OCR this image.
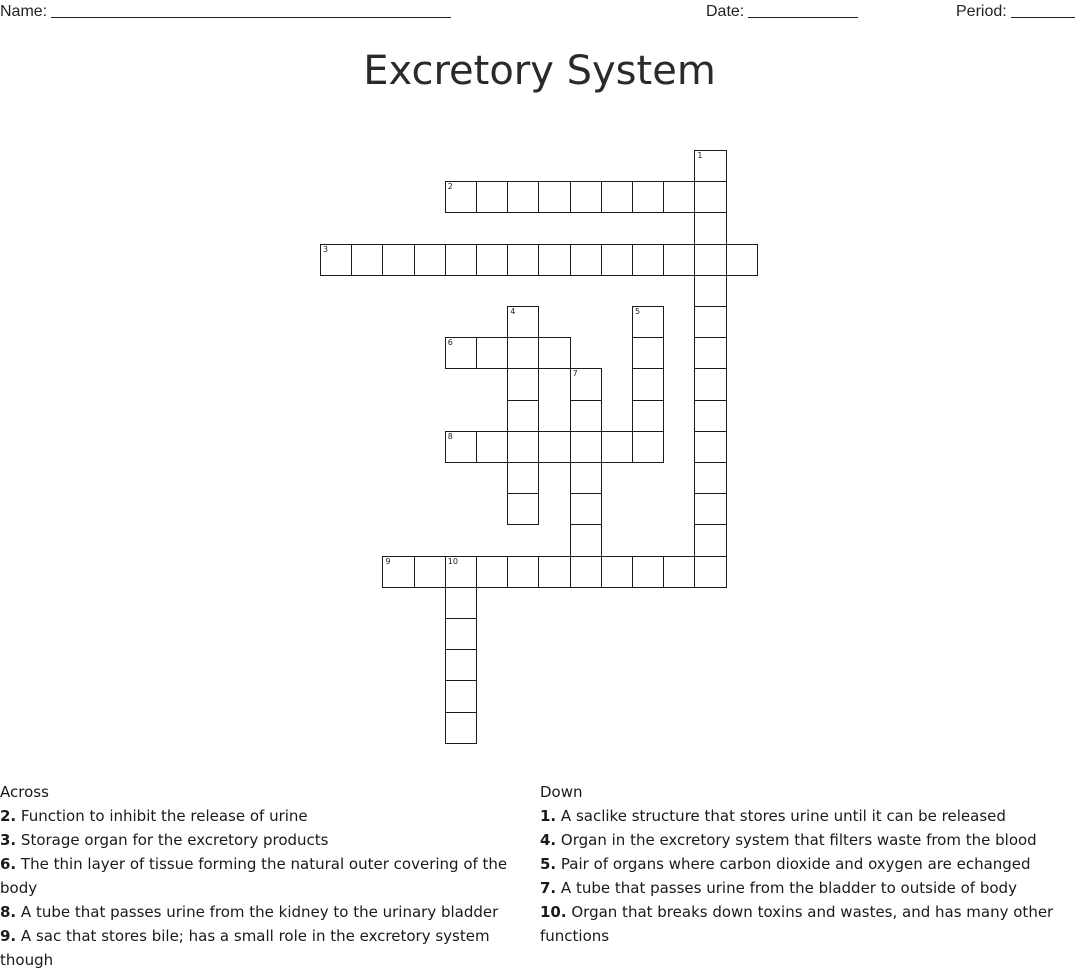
Name:	Date:	Period:
Excretory System
1
2
3
4	5
6
7
8
9	10
Across
2. Function to inhibit the release of urine
3. Storage organ for the excretory products
6. The thin layer of tissue forming the natural outer covering of the body
8. A tube that passes urine from the kidney to the urinary bladder
9. A sac that stores bile; has a small role in the excretory system though
Down
1. A saclike structure that stores urine until it can be released
4. Organ in the excretory system that filters waste from the blood
5. Pair of organs where carbon dioxide and oxygen are echanged
7. A tube that passes urine from the bladder to outside of body
10. Organ that breaks down toxins and wastes, and has many other functions
